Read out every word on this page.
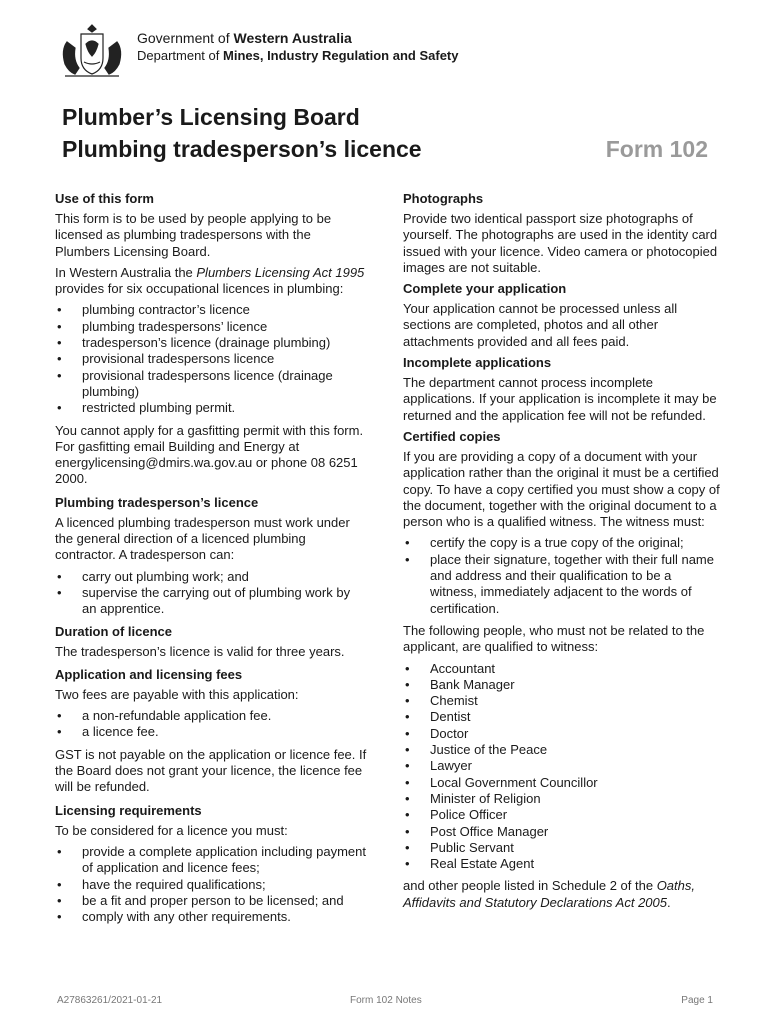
Government of Western Australia
Department of Mines, Industry Regulation and Safety
Plumber’s Licensing Board
Plumbing tradesperson’s licence	Form 102
Use of this form

This form is to be used by people applying to be licensed as plumbing tradespersons with the Plumbers Licensing Board.

In Western Australia the Plumbers Licensing Act 1995 provides for six occupational licences in plumbing:

• plumbing contractor’s licence
• plumbing tradespersons’ licence
• tradesperson’s licence (drainage plumbing)
• provisional tradespersons licence
• provisional tradespersons licence (drainage plumbing)
• restricted plumbing permit.

You cannot apply for a gasfitting permit with this form. For gasfitting email Building and Energy at energylicensing@dmirs.wa.gov.au or phone 08 6251 2000.

Plumbing tradesperson’s licence

A licenced plumbing tradesperson must work under the general direction of a licenced plumbing contractor. A tradesperson can:

• carry out plumbing work; and
• supervise the carrying out of plumbing work by an apprentice.
Duration of licence

The tradesperson’s licence is valid for three years.

Application and licensing fees

Two fees are payable with this application:

• a non-refundable application fee.
• a licence fee.

GST is not payable on the application or licence fee. If the Board does not grant your licence, the licence fee will be refunded.

Licensing requirements

To be considered for a licence you must:

• provide a complete application including payment of application and licence fees;
• have the required qualifications;
• be a fit and proper person to be licensed; and
• comply with any other requirements.
Photographs

Provide two identical passport size photographs of yourself. The photographs are used in the identity card issued with your licence. Video camera or photocopied images are not suitable.

Complete your application

Your application cannot be processed unless all sections are completed, photos and all other attachments provided and all fees paid.

Incomplete applications

The department cannot process incomplete applications. If your application is incomplete it may be returned and the application fee will not be refunded.

Certified copies

If you are providing a copy of a document with your application rather than the original it must be a certified copy. To have a copy certified you must show a copy of the document, together with the original document to a person who is a qualified witness. The witness must:

• certify the copy is a true copy of the original;
• place their signature, together with their full name and address and their qualification to be a witness, immediately adjacent to the words of certification.

The following people, who must not be related to the applicant, are qualified to witness:

• Accountant
• Bank Manager
• Chemist
• Dentist
• Doctor
• Justice of the Peace
• Lawyer
• Local Government Councillor
• Minister of Religion
• Police Officer
• Post Office Manager
• Public Servant
• Real Estate Agent

and other people listed in Schedule 2 of the Oaths, Affidavits and Statutory Declarations Act 2005.

A27863261/2021-01-21	Form 102 Notes	Page 1
